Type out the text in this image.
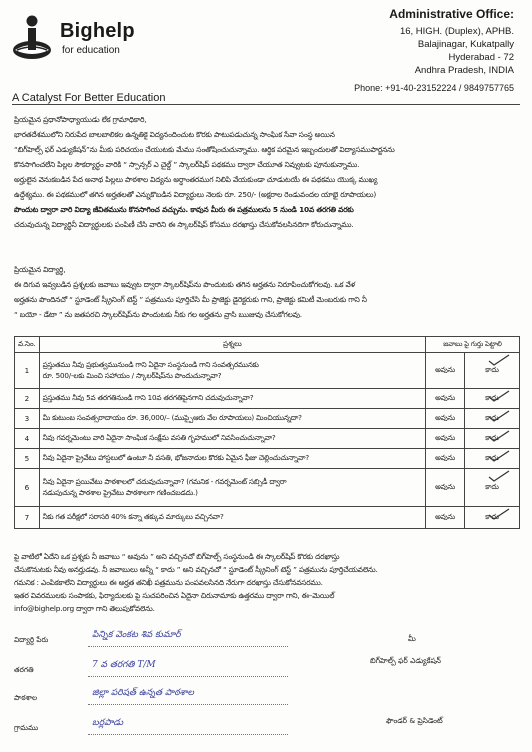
Bighelp
for education
A Catalyst For Better Education
Administrative Office:
16, HIGH. (Duplex), APHB.
Balajinagar, Kukatpally
Hyderabad - 72
Andhra Pradesh, INDIA
Phone: +91-40-23152224 / 9849757765
ప్రియమైన ప్రధానోపాధ్యాయుడు లేక గ్రామాధికారి,
భారతదేశములోని నిరుపేద బాలబాలికల ఉన్నతికై విద్యనందించుట కొరకు పాటుపడుచున్న సాంఘిక సేవా సంస్థ అయిన
“బిగ్‌హెల్ప్ ఫర్ ఎడ్యుకేషన్”ను మీకు పరిచయం చేయుటకు మేము సంతోషించుచున్నాము. ఆర్థిక పరమైన ఇబ్బందులతో విద్యాసముపార్జనను
కొనసాగించలేని పిల్లల సౌకర్యార్థం వారికి “ స్పాన్సర్ ఎ చైల్డ్ ” స్కాలర్‌షిప్ పథకము ద్వారా చేయూత నివ్వుటకు పూనుకున్నాము.
అర్హులైన వెనుకబడిన పేద అనాథ పిల్లలు పాఠశాల విద్యను అర్థాంతరముగ నిలిపి వేయకుండా చూడుటయే ఈ పథకము యొక్క ముఖ్య
ఉద్దేశ్యము. ఈ పథకములో తగిన అర్హతలతో ఎన్నుకొబడిన విద్యార్థులు నెలకు రూ. 250/- (అక్షరాల రెండువందల యాభై రూపాయలు)
పొందుట ద్వారా వారి విద్యా జీవితమును కొనసాగించ వచ్చును. కావున మీరు ఈ పత్రములను 5 నుండి 10వ తరగతి వరకు
చదువుచున్న విద్యార్థినీ విద్యార్థులకు పంపిణీ చేసి వారిని ఈ స్కాలర్‌షిప్ కోసము దరఖాస్తు చేసుకోవలసినదిగా కోరుచున్నాము.
ప్రియమైన విద్యార్థి,
ఈ దిగువ ఇవ్వబడిన ప్రశ్నలకు జవాబు ఇవ్వుట ద్వారా స్కాలర్‌షిప్‌ను పొందుటకు తగిన అర్హతను నిరూపించుకోగలవు. ఒక వేళ
అర్హతను పొందినచో “ స్టూడెంట్ స్క్రీనింగ్ టెస్ట్ ” పత్రమును పూర్తిచేసి మీ ప్రాజెక్టు డైరెక్టరుకు గాని, ప్రాజెక్టు కమిటీ మెంబరుకు గాని నీ
“ బయో - డేటా ” ను జతపరచి స్కాలర్‌షిప్‌ను పొందుటకు నీకు గల అర్హతను వ్రాసి ఋజువు చేసుకోగలవు.
వ.సెం.	ప్రశ్నలు	జవాబు పై గుర్తు పెట్టాలి	
1	ప్రస్తుతము నీవు ప్రభుత్వమునుండి గాని ఏదైనా సంస్థనుండి గాని సంవత్సరమునకు
రూ. 500/-లకు మించి సహాయం / స్కాలర్‌షిప్‌ను పొందుచున్నావా?	అవును	కాదు

2	ప్రస్తుతము నీవు 5వ తరగతినుండి గాని 10వ తరగతిపైనగాని చదువుచున్నావా?	అవును	కాదు

3	మీ కుటుంబ సంవత్సరాదాయం రూ. 36,000/– (ముప్పైఆరు వేల రూపాయలు) మించియున్నదా?	అవును	కాదు

4	నీవు గవర్నమెంటు వారి ఏదైనా సాంఘిక సంక్షేమ వసతి గృహములో నివసించుచున్నావా?	అవును	కాదు

5	నీవు ఏదైనా ప్రైవేటు హాస్టలులో ఉంటూ నీ వసతి, భోజనాదుల కొరకు ఏమైన ఫీజు చెల్లించుచున్నావా?	అవును	కాదు

6	నీవు ఏదైనా ప్రయివేటు పాఠశాలలో చదువుచున్నావా? (గమనిక - గవర్నమెంట్ సబ్సిడీ ద్వారా
నడుపుచున్న పాఠశాల ప్రైవేటు పాఠశాలగా గణించబడదు.)	అవును	కాదు

7	నీకు గత పరీక్షలో సరాసరి 40% కన్నా తక్కువ మార్కులు వచ్చినవా?	అవును	కాదు
పై వాటిలో ఏదేని ఒక ప్రశ్నకు నీ జవాబు “ అవును ” అని వచ్చినచో బిగ్‌హెల్ప్ సంస్థనుండి ఈ స్కాలర్‌షిప్ కొరకు దరఖాస్తు
చేసుకొనుటకు నీవు అనర్హుడవు. నీ జవాబులు అన్నీ “ కాదు ” అని వచ్చినచో “ స్టూడెంట్ స్క్రీనింగ్ టెస్ట్ ” పత్రమును పూర్తిచేయవలెను.
గమనిక : ఎంపికకాలేని విద్యార్థులు ఈ అర్హత తనిఖీ పత్రమును పంపవలసినది నేరుగా దరఖాస్తు చేసుకోనవసరము.
ఇతర వివరములకు సంపాకకు, ఫిర్యాదులకు పై సుచపరించిన ఏదైనా చిరునామాకు ఉత్తరము ద్వారా గాని, ఈ–మెయిల్
info@bighelp.org ద్వారా గాని తెలుపుకోవలెను.
విద్యార్థి పేరు	పిన్నిక వెంకట శివ కుమార్
తరగతి	7 వ తరగతి T/M
పాఠశాల	జిల్లా పరిషత్ ఉన్నత పాఠశాల
గ్రామము	బర్లపాడు
మీ
బిగ్‌హెల్ప్ ఫర్ ఎడ్యుకేషన్
ఫౌండర్ & ప్రెసిడెంట్
